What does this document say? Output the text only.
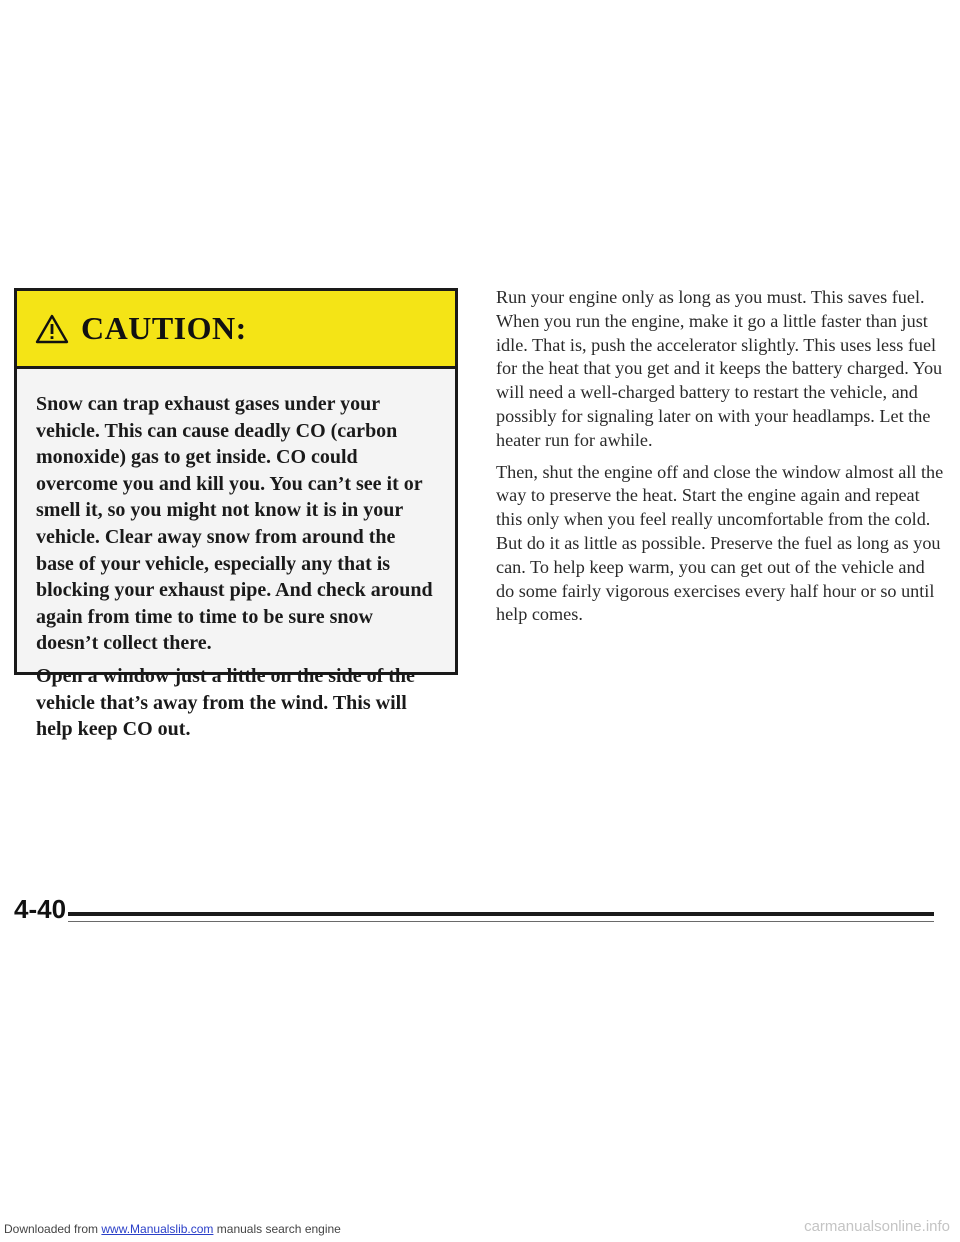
CAUTION:

Snow can trap exhaust gases under your vehicle. This can cause deadly CO (carbon monoxide) gas to get inside. CO could overcome you and kill you. You can’t see it or smell it, so you might not know it is in your vehicle. Clear away snow from around the base of your vehicle, especially any that is blocking your exhaust pipe. And check around again from time to time to be sure snow doesn’t collect there.

Open a window just a little on the side of the vehicle that’s away from the wind. This will help keep CO out.

Run your engine only as long as you must. This saves fuel. When you run the engine, make it go a little faster than just idle. That is, push the accelerator slightly. This uses less fuel for the heat that you get and it keeps the battery charged. You will need a well-charged battery to restart the vehicle, and possibly for signaling later on with your headlamps. Let the heater run for awhile.

Then, shut the engine off and close the window almost all the way to preserve the heat. Start the engine again and repeat this only when you feel really uncomfortable from the cold. But do it as little as possible. Preserve the fuel as long as you can. To help keep warm, you can get out of the vehicle and do some fairly vigorous exercises every half hour or so until help comes.

4-40
Downloaded from www.Manualslib.com manuals search engine	carmanualsonline.info
